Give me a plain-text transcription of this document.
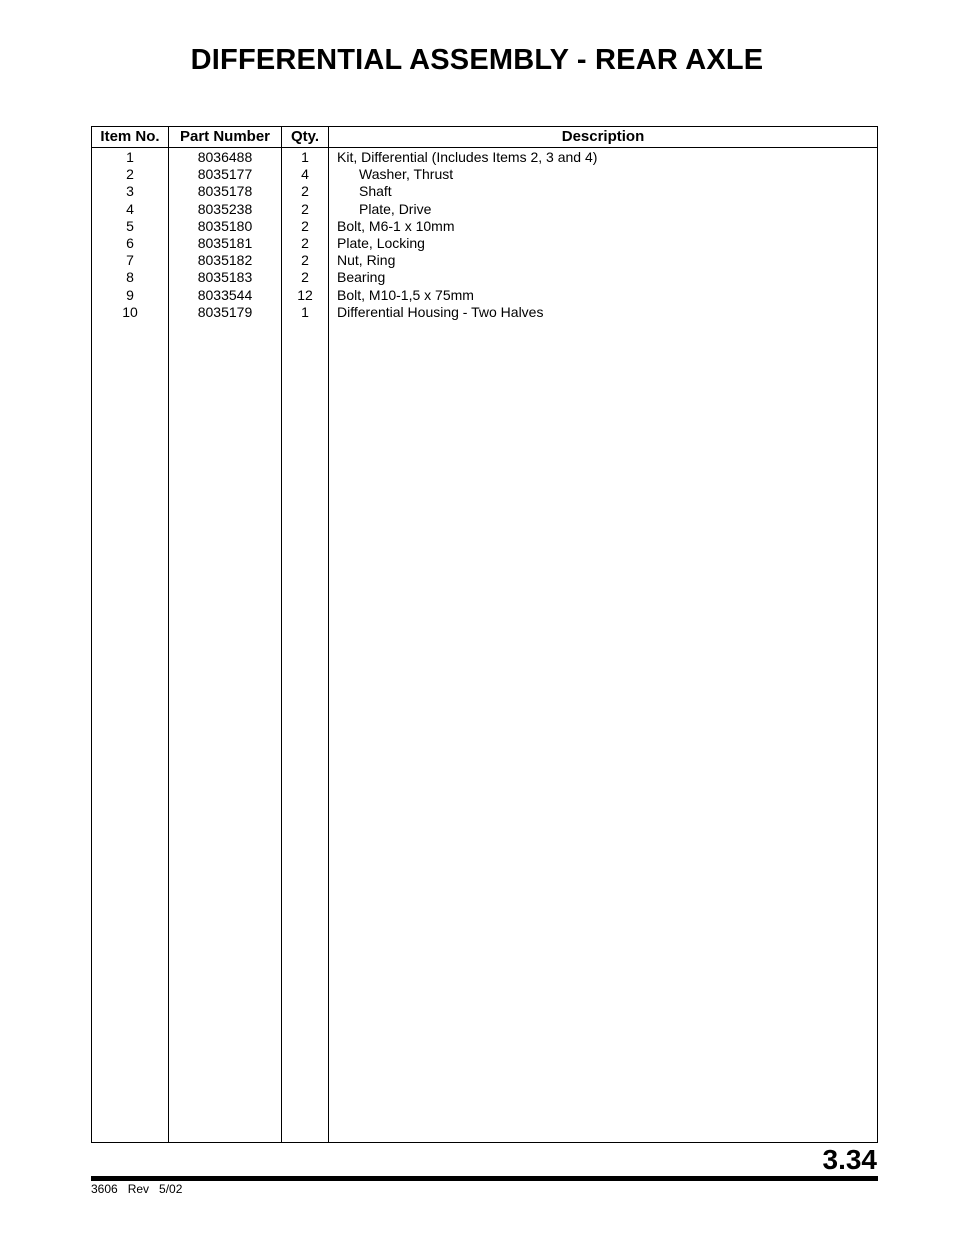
DIFFERENTIAL ASSEMBLY - REAR AXLE
Item No.	Part Number	Qty.	Description
1	8036488	1	Kit, Differential (Includes Items 2, 3 and 4)
2	8035177	4	Washer, Thrust
3	8035178	2	Shaft
4	8035238	2	Plate, Drive
5	8035180	2	Bolt, M6-1 x 10mm
6	8035181	2	Plate, Locking
7	8035182	2	Nut, Ring
8	8035183	2	Bearing
9	8033544	12	Bolt, M10-1,5 x 75mm
10	8035179	1	Differential Housing - Two Halves
3.34
3606   Rev   5/02
